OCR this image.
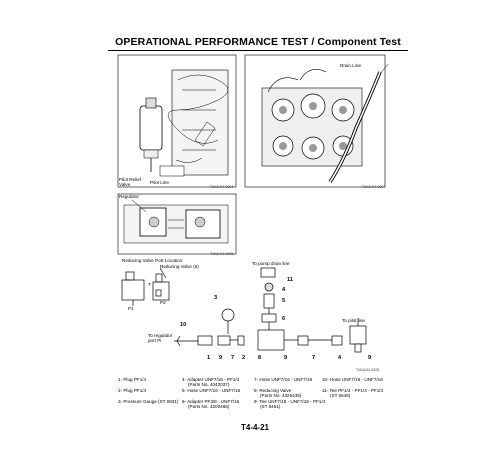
OPERATIONAL PERFORMANCE TEST / Component Test
Pilot Relief
Valve	Pilot Line
T1KA-04-0004
Drain Line
T1KA-04-0007
Regulator
T1KA-04-0026
Reducing Valve Port Location
Reducing Valve (8)
T
P1
P2
To pump drain line
To pilot line
To regulator
port Pi
T1KA-04-0025
11
4
5
3
6
10
1 9 7 2 8	9	7	4	9
1- Plug PF1/4
2- Plug PF1/4
3- Pressure Gauge (ST 6931)
4- Adapter UNF7/16 - PF1/4
(Parts No. 4042037)
5- Hose UNF7/16 - UNF7/16
6- Adapter PF3/8 - UNF7/16
(Parts No. 4200465)
7- Hose UNF7/16 - UNF7/16
8- Reducing Valve
(Parts No. 4325439)
9- Tee UNF7/16 - UNF7/16 - PF1/4
(ST 6451)
10- Hose UNF7/16 - UNF7/16
11- Tee PF1/4 - PF1/4 - PF1/4
(ST 6646)
T4-4-21
